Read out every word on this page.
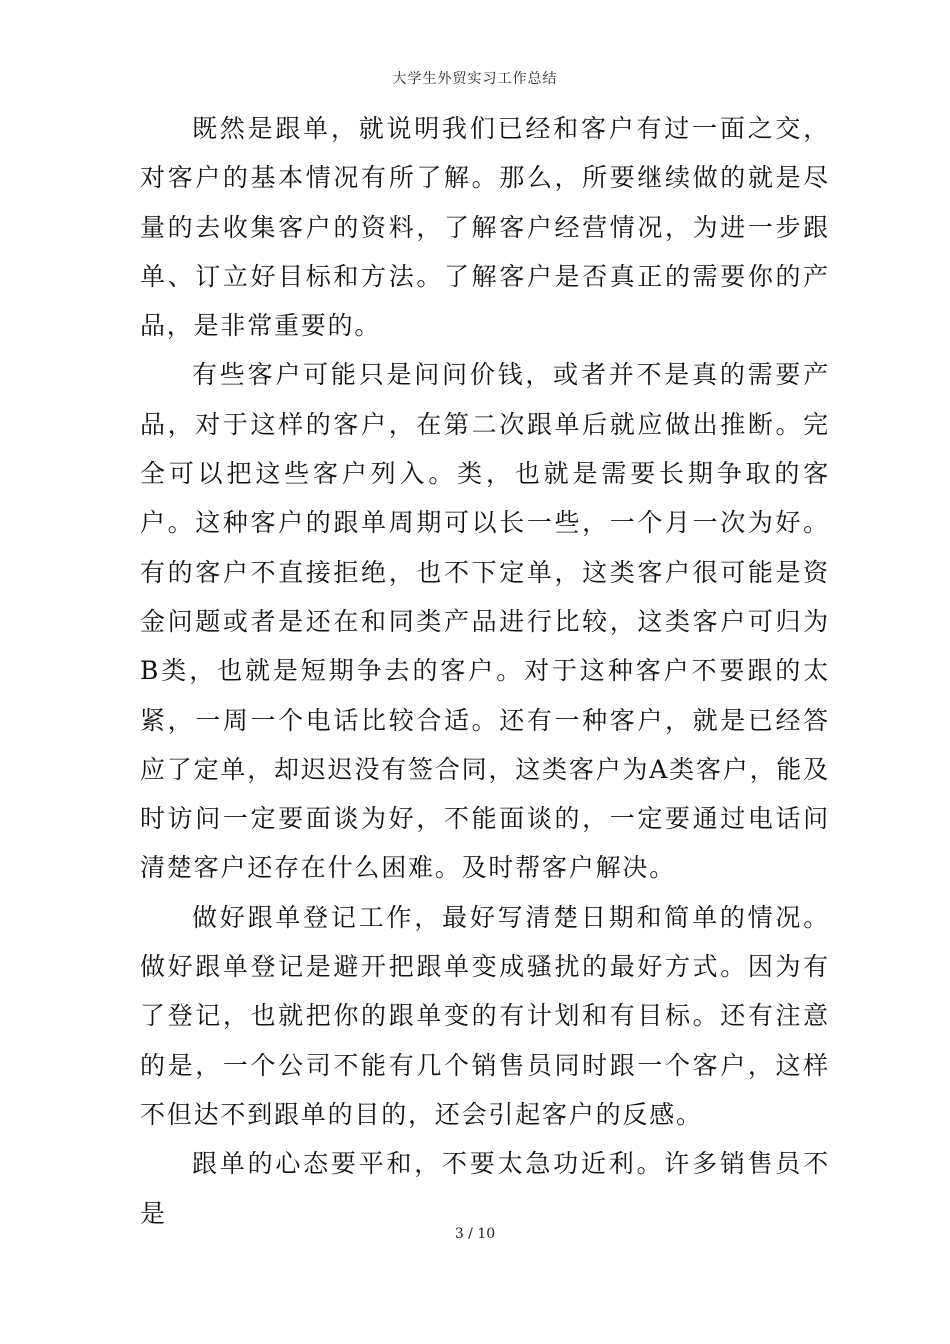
大学生外贸实习工作总结

既然是跟单，就说明我们已经和客户有过一面之交，对客户的基本情况有所了解。那么，所要继续做的就是尽量的去收集客户的资料，了解客户经营情况，为进一步跟单、订立好目标和方法。了解客户是否真正的需要你的产品，是非常重要的。

有些客户可能只是问问价钱，或者并不是真的需要产品，对于这样的客户，在第二次跟单后就应做出推断。完全可以把这些客户列入。类，也就是需要长期争取的客户。这种客户的跟单周期可以长一些，一个月一次为好。有的客户不直接拒绝，也不下定单，这类客户很可能是资金问题或者是还在和同类产品进行比较，这类客户可归为B类，也就是短期争去的客户。对于这种客户不要跟的太紧，一周一个电话比较合适。还有一种客户，就是已经答应了定单，却迟迟没有签合同，这类客户为A类客户，能及时访问一定要面谈为好，不能面谈的，一定要通过电话问清楚客户还存在什么困难。及时帮客户解决。

做好跟单登记工作，最好写清楚日期和简单的情况。做好跟单登记是避开把跟单变成骚扰的最好方式。因为有了登记，也就把你的跟单变的有计划和有目标。还有注意的是，一个公司不能有几个销售员同时跟一个客户，这样不但达不到跟单的目的，还会引起客户的反感。

跟单的心态要平和，不要太急功近利。许多销售员不是

3 / 10
